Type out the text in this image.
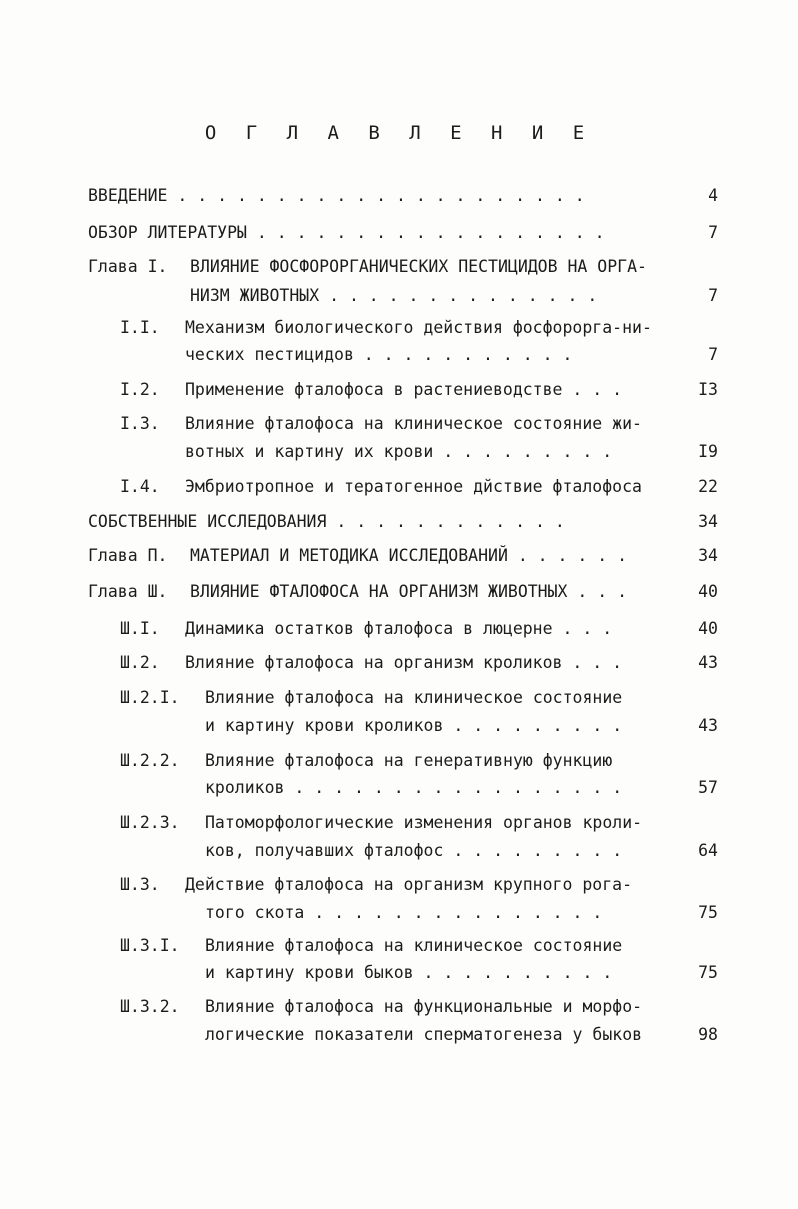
О Г Л А В Л Е Н И Е
ВВЕДЕНИЕ . . . . . . . . . . . . . . . . . . . . .	4
ОБЗОР ЛИТЕРАТУРЫ . . . . . . . . . . . . . . . . . .	7
Глава I. ВЛИЯНИЕ ФОСФОРОРГАНИЧЕСКИХ ПЕСТИЦИДОВ НА ОРГА-
НИЗМ ЖИВОТНЫХ . . . . . . . . . . . . . .	7
I.I. Механизм биологического действия фосфорорга-ни-
ческих пестицидов . . . . . . . . . . .	7
I.2. Применение фталофоса в растениеводстве . . .	I3
I.3. Влияние фталофоса на клиническое состояние жи-
вотных и картину их крови . . . . . . . . .	I9
I.4. Эмбриотропное и тератогенное дйствие фталофоса	22
СОБСТВЕННЫЕ ИССЛЕДОВАНИЯ . . . . . . . . . . . .	34
Глава П. МАТЕРИАЛ И МЕТОДИКА ИССЛЕДОВАНИЙ . . . . . .	34
Глава Ш. ВЛИЯНИЕ ФТАЛОФОСА НА ОРГАНИЗМ ЖИВОТНЫХ . . .	40
Ш.I. Динамика остатков фталофоса в люцерне . . .	40
Ш.2. Влияние фталофоса на организм кроликов . . .	43
Ш.2.I. Влияние фталофоса на клиническое состояние
и картину крови кроликов . . . . . . . . .	43
Ш.2.2. Влияние фталофоса на генеративную функцию
кроликов . . . . . . . . . . . . . . . . .	57
Ш.2.3. Патоморфологические изменения органов кроли-
ков, получавших фталофос . . . . . . . . .	64
Ш.3. Действие фталофоса на организм крупного рога-
того скота . . . . . . . . . . . . . . .	75
Ш.3.I. Влияние фталофоса на клиническое состояние
и картину крови быков . . . . . . . . . .	75
Ш.3.2. Влияние фталофоса на функциональные и морфо-
логические показатели сперматогенеза у быков	98
